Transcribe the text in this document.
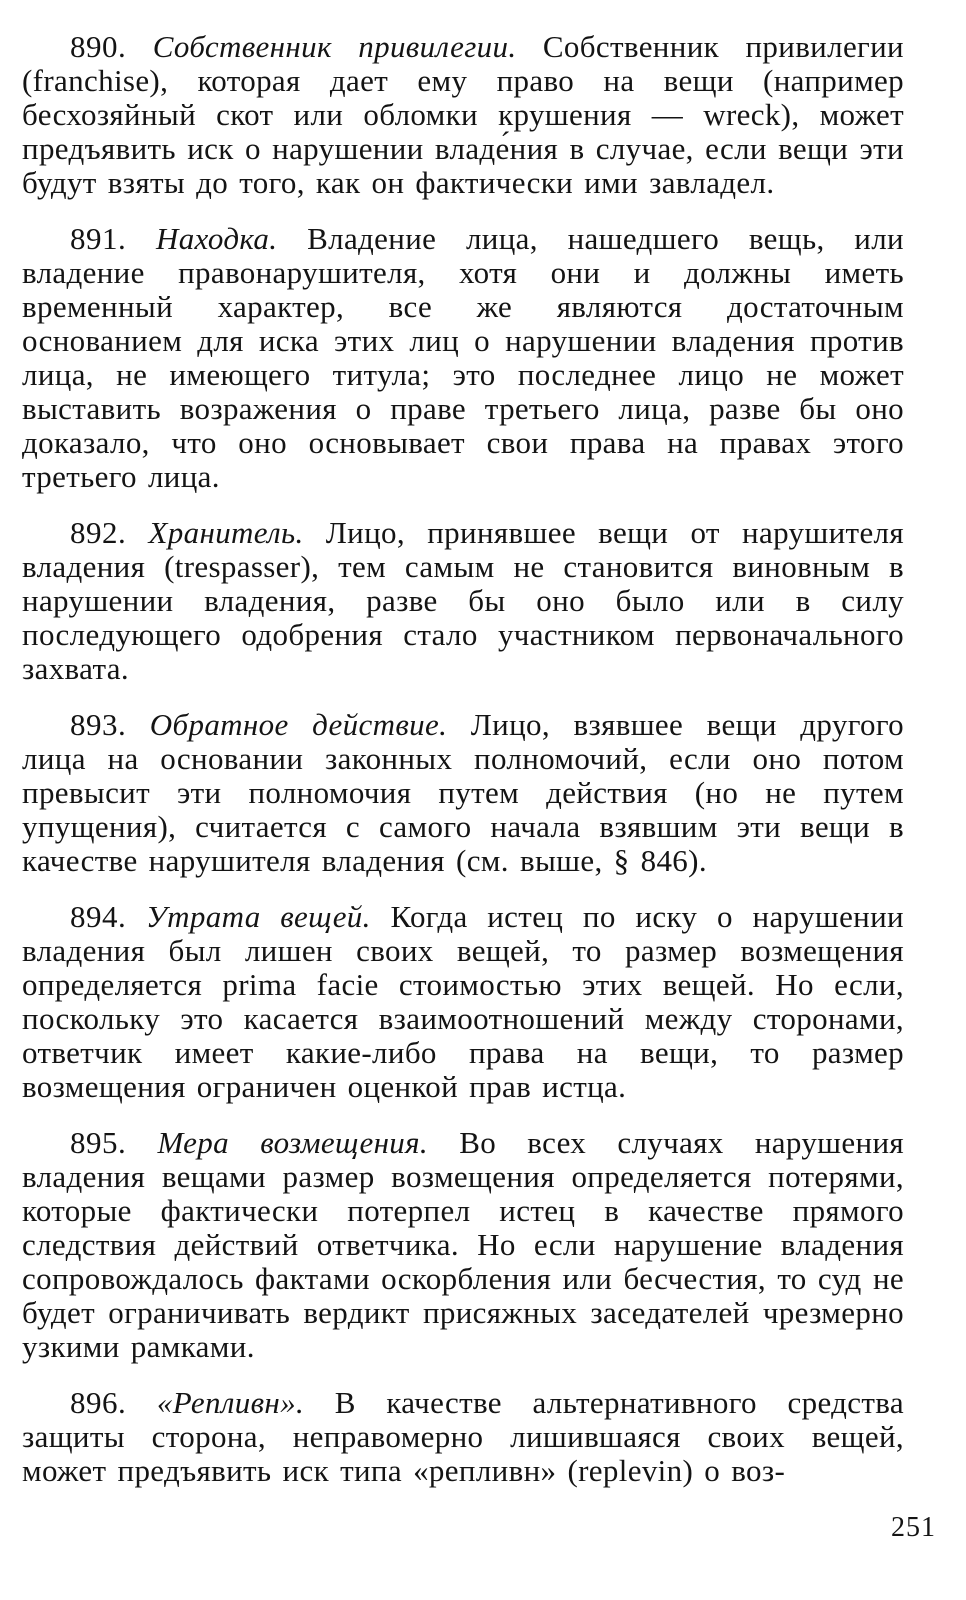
890. Собственник привилегии. Собственник привилегии (franchise), которая дает ему право на вещи (например бесхозяйный скот или обломки крушения — wreck), может предъявить иск о нарушении владе́ния в случае, если вещи эти будут взяты до того, как он фактически ими завладел.

891. Находка. Владение лица, нашедшего вещь, или владение правонарушителя, хотя они и должны иметь временный характер, все же являются достаточным основанием для иска этих лиц о нарушении владения против лица, не имеющего титула; это последнее лицо не может выставить возражения о праве третьего лица, разве бы оно доказало, что оно основывает свои права на правах этого третьего лица.

892. Хранитель. Лицо, принявшее вещи от нарушителя владения (trespasser), тем самым не становится виновным в нарушении владения, разве бы оно было или в силу последующего одобрения стало участником первоначального захвата.

893. Обратное действие. Лицо, взявшее вещи другого лица на основании законных полномочий, если оно потом превысит эти полномочия путем действия (но не путем упущения), считается с самого начала взявшим эти вещи в качестве нарушителя владения (см. выше, § 846).

894. Утрата вещей. Когда истец по иску о нарушении владения был лишен своих вещей, то размер возмещения определяется prima facie стоимостью этих вещей. Но если, поскольку это касается взаимоотношений между сторонами, ответчик имеет какие-либо права на вещи, то размер возмещения ограничен оценкой прав истца.

895. Мера возмещения. Во всех случаях нарушения владения вещами размер возмещения определяется потерями, которые фактически потерпел истец в качестве прямого следствия действий ответчика. Но если нарушение владения сопровождалось фактами оскорбления или бесчестия, то суд не будет ограничивать вердикт присяжных заседателей чрезмерно узкими рамками.

896. «Репливн». В качестве альтернативного средства защиты сторона, неправомерно лишившаяся своих вещей, может предъявить иск типа «репливн» (replevin) о воз-

251
